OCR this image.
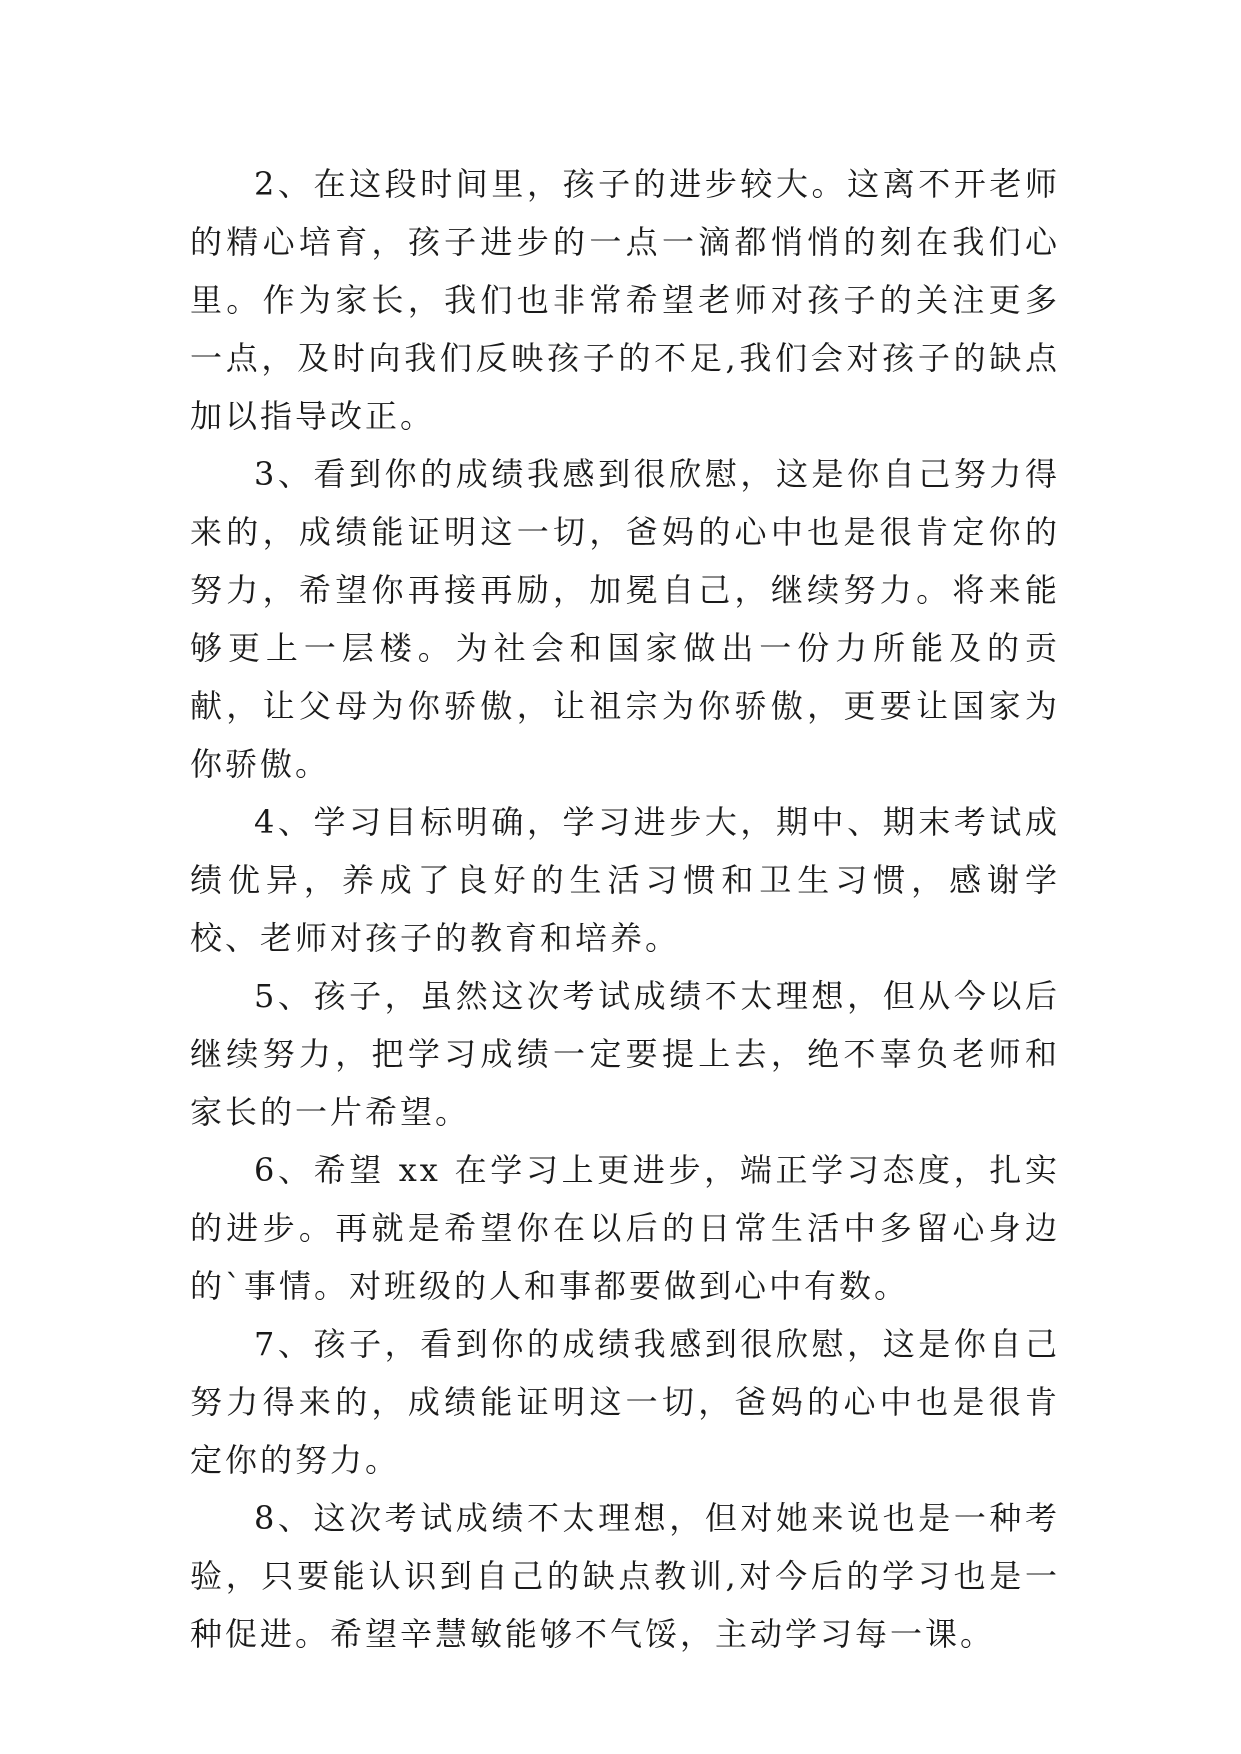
2、在这段时间里，孩子的进步较大。这离不开老师的精心培育，孩子进步的一点一滴都悄悄的刻在我们心里。作为家长，我们也非常希望老师对孩子的关注更多一点，及时向我们反映孩子的不足,我们会对孩子的缺点加以指导改正。

3、看到你的成绩我感到很欣慰，这是你自己努力得来的，成绩能证明这一切，爸妈的心中也是很肯定你的努力，希望你再接再励，加冕自己，继续努力。将来能够更上一层楼。为社会和国家做出一份力所能及的贡献，让父母为你骄傲，让祖宗为你骄傲，更要让国家为你骄傲。

4、学习目标明确，学习进步大，期中、期末考试成绩优异，养成了良好的生活习惯和卫生习惯，感谢学校、老师对孩子的教育和培养。

5、孩子，虽然这次考试成绩不太理想，但从今以后继续努力，把学习成绩一定要提上去，绝不辜负老师和家长的一片希望。

6、希望 xx 在学习上更进步，端正学习态度，扎实的进步。再就是希望你在以后的日常生活中多留心身边的`事情。对班级的人和事都要做到心中有数。

7、孩子，看到你的成绩我感到很欣慰，这是你自己努力得来的，成绩能证明这一切，爸妈的心中也是很肯定你的努力。

8、这次考试成绩不太理想，但对她来说也是一种考验，只要能认识到自己的缺点教训,对今后的学习也是一种促进。希望辛慧敏能够不气馁，主动学习每一课。
